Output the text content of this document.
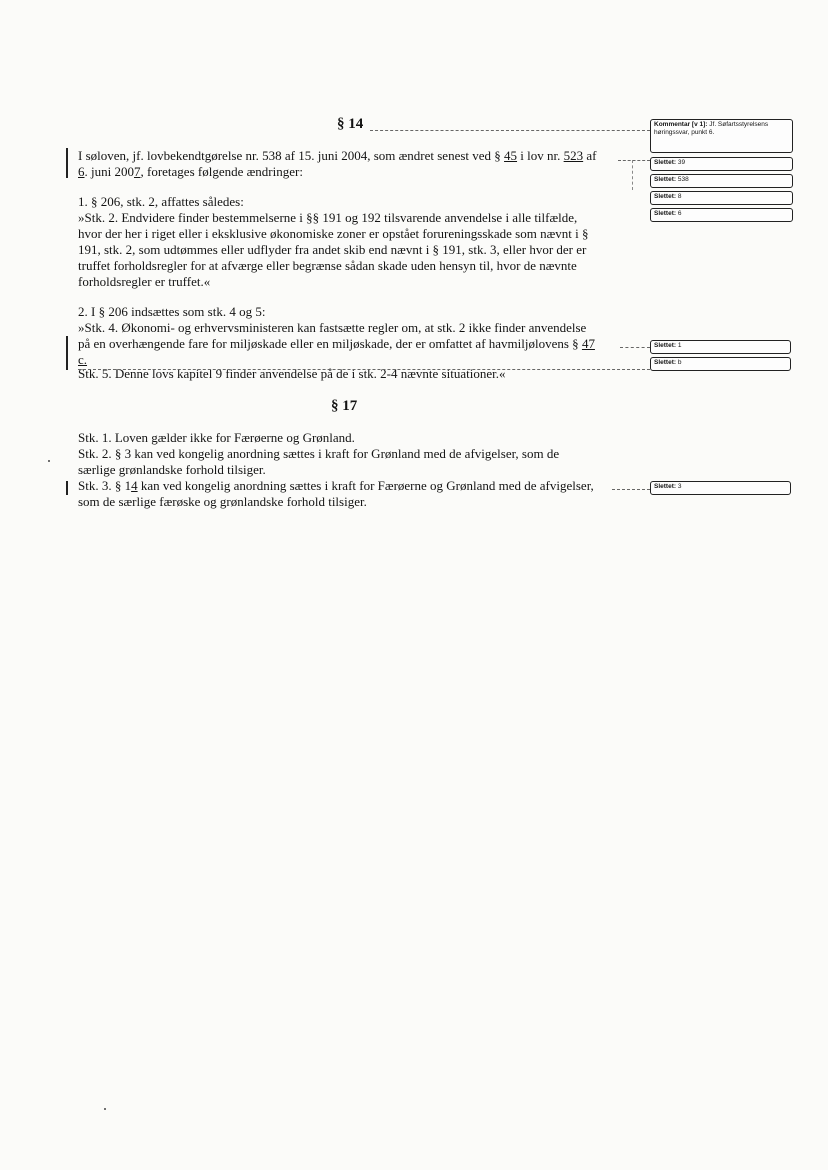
§ 14
I søloven, jf. lovbekendtgørelse nr. 538 af 15. juni 2004, som ændret senest ved § 45 i lov nr. 523 af
6. juni 2007, foretages følgende ændringer:
1. § 206, stk. 2, affattes således:
»Stk. 2. Endvidere finder bestemmelserne i §§ 191 og 192 tilsvarende anvendelse i alle tilfælde,
hvor der her i riget eller i eksklusive økonomiske zoner er opstået forureningsskade som nævnt i §
191, stk. 2, som udtømmes eller udflyder fra andet skib end nævnt i § 191, stk. 3, eller hvor der er
truffet forholdsregler for at afværge eller begrænse sådan skade uden hensyn til, hvor de nævnte
forholdsregler er truffet.«
2. I § 206 indsættes som stk. 4 og 5:
»Stk. 4. Økonomi- og erhvervsministeren kan fastsætte regler om, at stk. 2 ikke finder anvendelse
på en overhængende fare for miljøskade eller en miljøskade, der er omfattet af havmiljølovens § 47
c.
Stk. 5. Denne lovs kapitel 9 finder anvendelse på de i stk. 2-4 nævnte situationer.«
§ 17
Stk. 1. Loven gælder ikke for Færøerne og Grønland.
Stk. 2. § 3 kan ved kongelig anordning sættes i kraft for Grønland med de afvigelser, som de
særlige grønlandske forhold tilsiger.
Stk. 3. § 14 kan ved kongelig anordning sættes i kraft for Færøerne og Grønland med de afvigelser,
som de særlige færøske og grønlandske forhold tilsiger.
Kommentar [v 1]: Jf. Søfartsstyrelsens høringssvar, punkt 6.
Slettet: 39
Slettet: 538
Slettet: 8
Slettet: 6
Slettet: 1
Slettet: b
Slettet: 3
